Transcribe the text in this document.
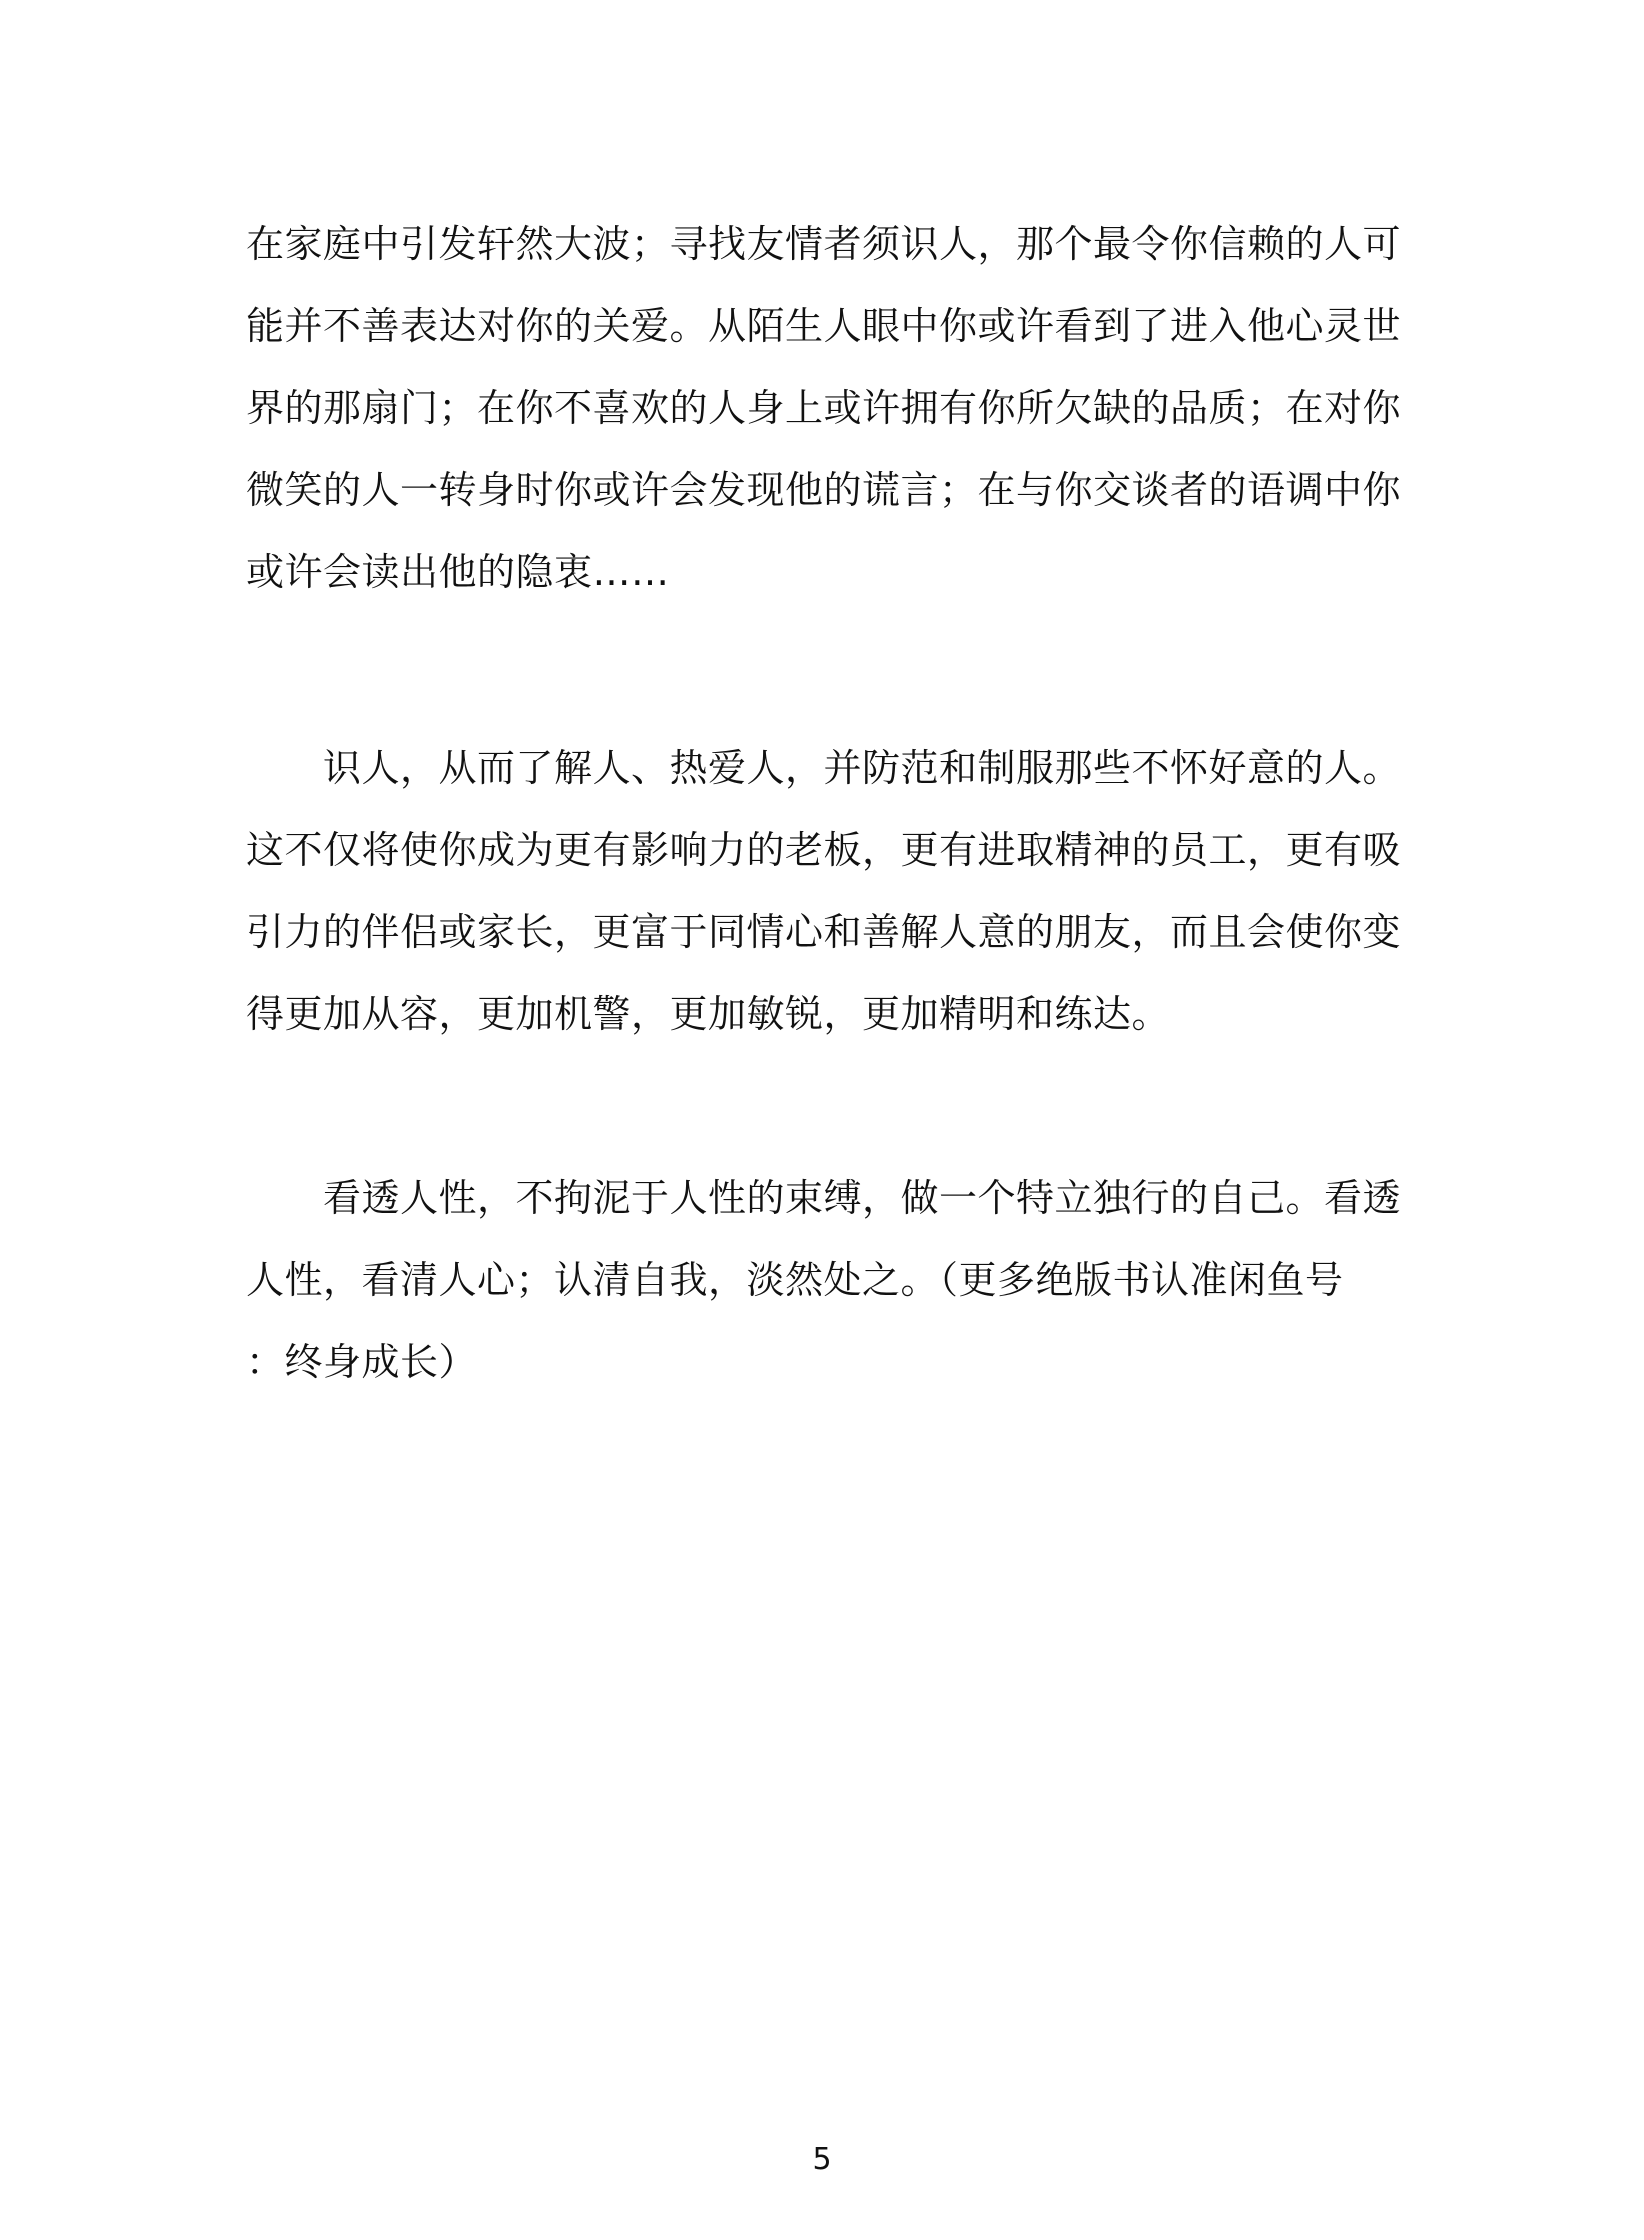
在家庭中引发轩然大波；寻找友情者须识人，那个最令你信赖的人可
能并不善表达对你的关爱。从陌生人眼中你或许看到了进入他心灵世
界的那扇门；在你不喜欢的人身上或许拥有你所欠缺的品质；在对你
微笑的人一转身时你或许会发现他的谎言；在与你交谈者的语调中你
或许会读出他的隐衷……
　　识人，从而了解人、热爱人，并防范和制服那些不怀好意的人。
这不仅将使你成为更有影响力的老板，更有进取精神的员工，更有吸
引力的伴侣或家长，更富于同情心和善解人意的朋友，而且会使你变
得更加从容，更加机警，更加敏锐，更加精明和练达。
　　看透人性，不拘泥于人性的束缚，做一个特立独行的自己。看透
人性，看清人心；认清自我，淡然处之。（更多绝版书认准闲鱼号
：终身成长）
5
